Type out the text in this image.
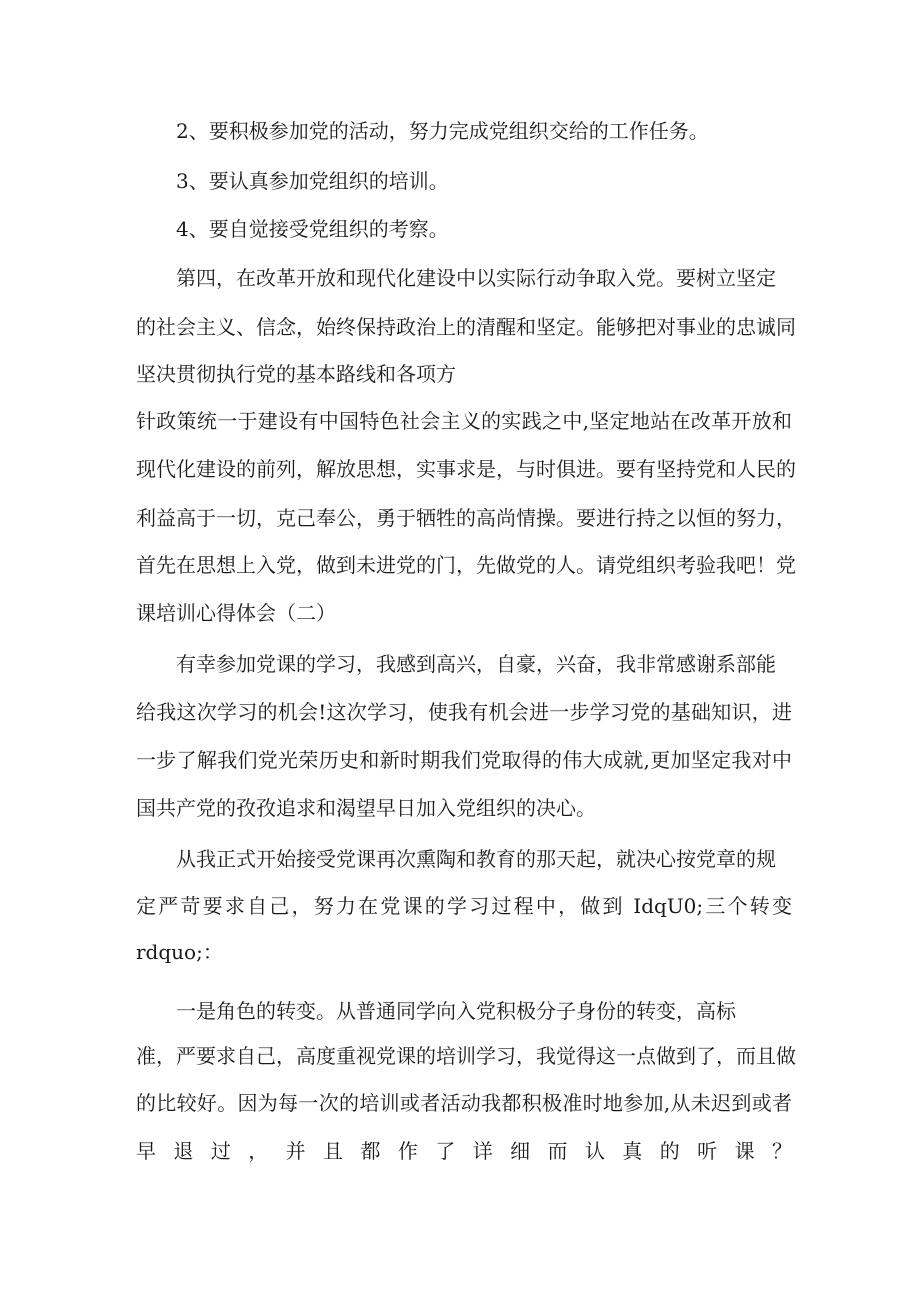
2、要积极参加党的活动，努力完成党组织交给的工作任务。
3、要认真参加党组织的培训。
4、要自觉接受党组织的考察。
第四，在改革开放和现代化建设中以实际行动争取入党。要树立坚定
的社会主义、信念，始终保持政治上的清醒和坚定。能够把对事业的忠诚同
坚决贯彻执行党的基本路线和各项方
针政策统一于建设有中国特色社会主义的实践之中,坚定地站在改革开放和
现代化建设的前列，解放思想，实事求是，与时俱进。要有坚持党和人民的
利益高于一切，克己奉公，勇于牺牲的高尚情操。要进行持之以恒的努力，
首先在思想上入党，做到未进党的门，先做党的人。请党组织考验我吧！党
课培训心得体会（二）
有幸参加党课的学习，我感到高兴，自豪，兴奋，我非常感谢系部能
给我这次学习的机会!这次学习，使我有机会进一步学习党的基础知识，进
一步了解我们党光荣历史和新时期我们党取得的伟大成就,更加坚定我对中
国共产党的孜孜追求和渴望早日加入党组织的决心。
从我正式开始接受党课再次熏陶和教育的那天起，就决心按党章的规
定严苛要求自己，努力在党课的学习过程中，做到 IdqU0;三个转变
rdquo;：
一是角色的转变。从普通同学向入党积极分子身份的转变，高标
准，严要求自己，高度重视党课的培训学习，我觉得这一点做到了，而且做
的比较好。因为每一次的培训或者活动我都积极准时地参加,从未迟到或者
早退过，并且都作了详细而认真的听课？
